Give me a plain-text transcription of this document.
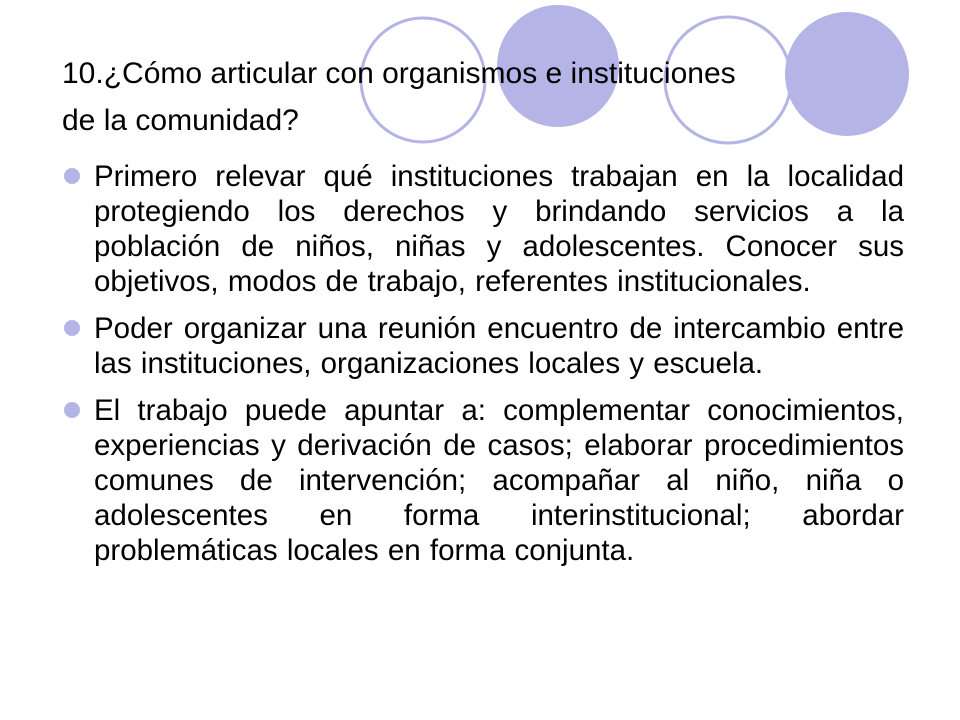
10.¿Cómo articular con organismos e instituciones de la comunidad?
Primero relevar qué instituciones trabajan en la localidad protegiendo los derechos y brindando servicios a la población de niños, niñas y adolescentes. Conocer sus objetivos, modos de trabajo, referentes institucionales.
Poder organizar una reunión encuentro de intercambio entre las instituciones, organizaciones locales y escuela.
El trabajo puede apuntar a: complementar conocimientos, experiencias y derivación de casos; elaborar procedimientos comunes de intervención; acompañar al niño, niña o adolescentes en forma interinstitucional; abordar problemáticas locales en forma conjunta.
